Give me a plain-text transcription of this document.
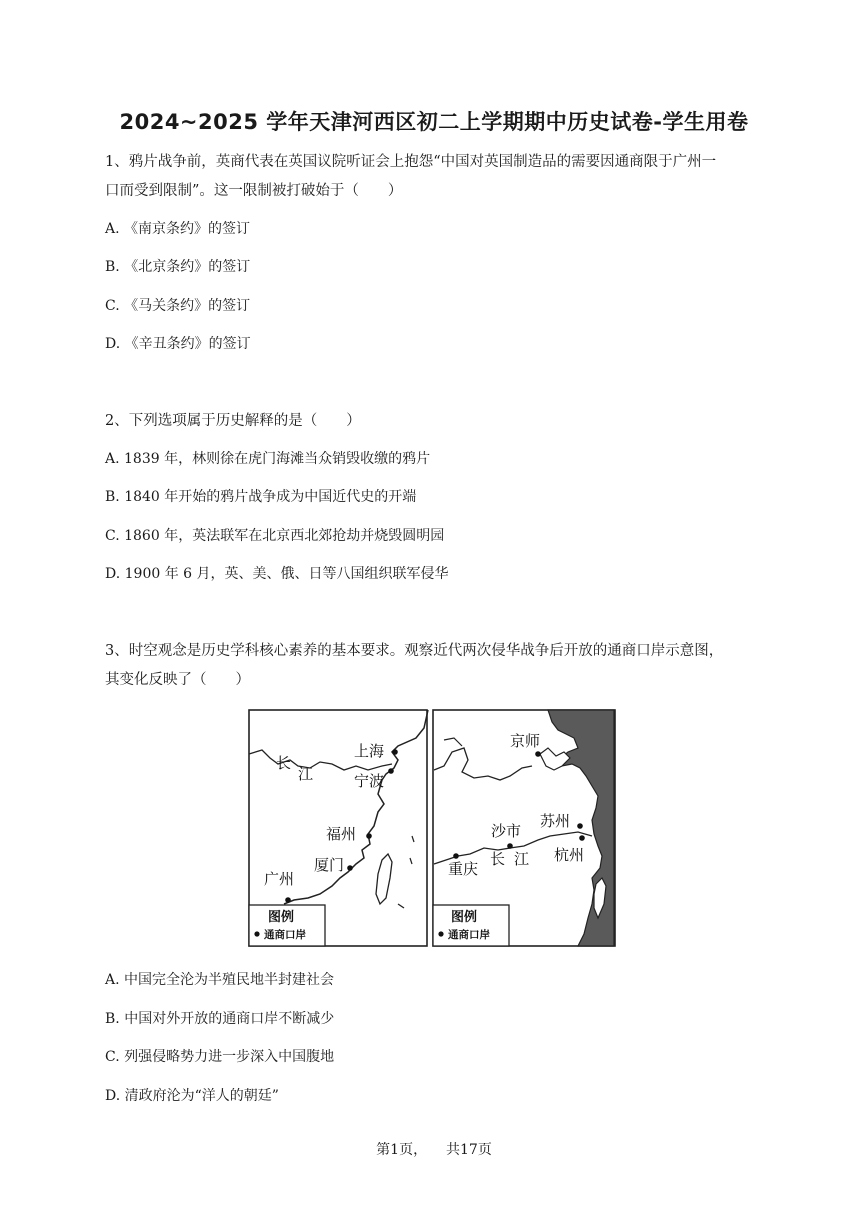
2024~2025 学年天津河西区初二上学期期中历史试卷-学生用卷
1、鸦片战争前，英商代表在英国议院听证会上抱怨“中国对英国制造品的需要因通商限于广州一
口而受到限制”。这一限制被打破始于（　　）
A. 《南京条约》的签订
B. 《北京条约》的签订
C. 《马关条约》的签订
D. 《辛丑条约》的签订
2、下列选项属于历史解释的是（　　）
A. 1839 年，林则徐在虎门海滩当众销毁收缴的鸦片
B. 1840 年开始的鸦片战争成为中国近代史的开端
C. 1860 年，英法联军在北京西北郊抢劫并烧毁圆明园
D. 1900 年 6 月，英、美、俄、日等八国组织联军侵华
3、时空观念是历史学科核心素养的基本要求。观察近代两次侵华战争后开放的通商口岸示意图，
其变化反映了（　　）
上海
长
江	宁波
福州
厦门
广州
图例
通商口岸
京师
苏州
沙市
长 江 杭州
重庆
图例
通商口岸
A. 中国完全沦为半殖民地半封建社会
B. 中国对外开放的通商口岸不断减少
C. 列强侵略势力进一步深入中国腹地
D. 清政府沦为“洋人的朝廷”
第1页， 共17页
